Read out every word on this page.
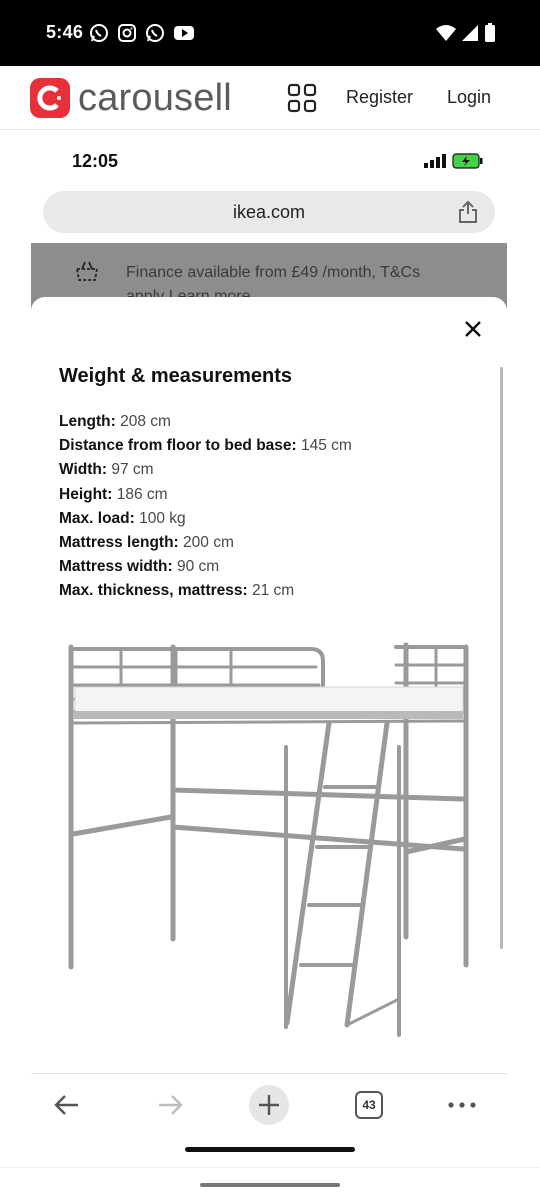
5:46
carousell	Register Login
12:05
ikea.com
Finance available from £49 /month, T&Cs
Weight & measurements
Length: 208 cm
Distance from floor to bed base: 145 cm
Width: 97 cm
Height: 186 cm
Max. load: 100 kg
Mattress length: 200 cm
Mattress width: 90 cm
Max. thickness, mattress: 21 cm
43
